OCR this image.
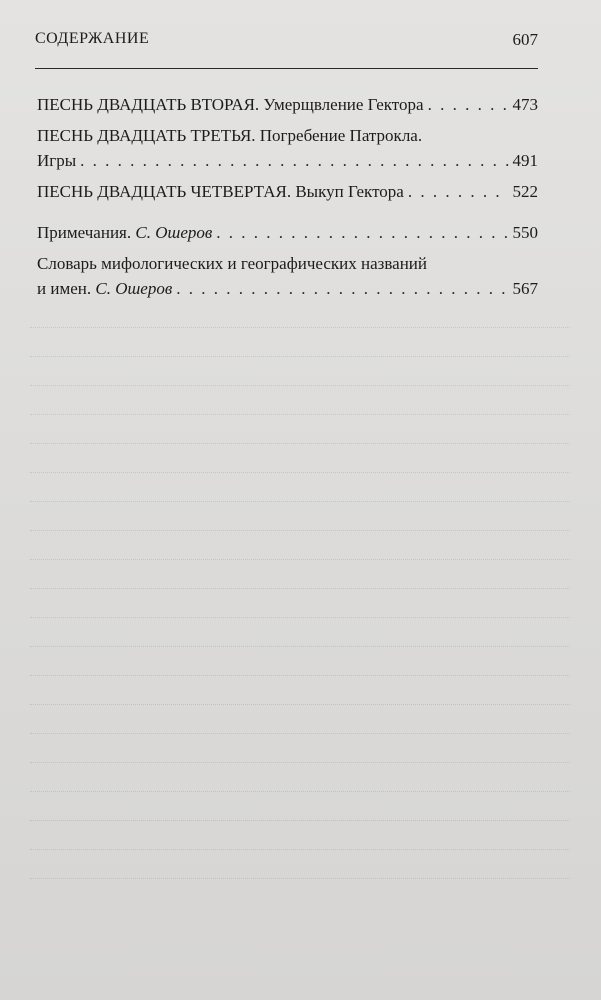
СОДЕРЖАНИЕ	607
ПЕСНЬ ДВАДЦАТЬ ВТОРАЯ. Умерщвление Гектора . . .	473
ПЕСНЬ ДВАДЦАТЬ ТРЕТЬЯ. Погребение Патрокла.
Игры . . .	491
ПЕСНЬ ДВАДЦАТЬ ЧЕТВЕРТАЯ. Выкуп Гектора . . .	522
Примечания. С. Ошеров . . .	550
Словарь мифологических и географических названий
и имен. С. Ошеров . . .	567
